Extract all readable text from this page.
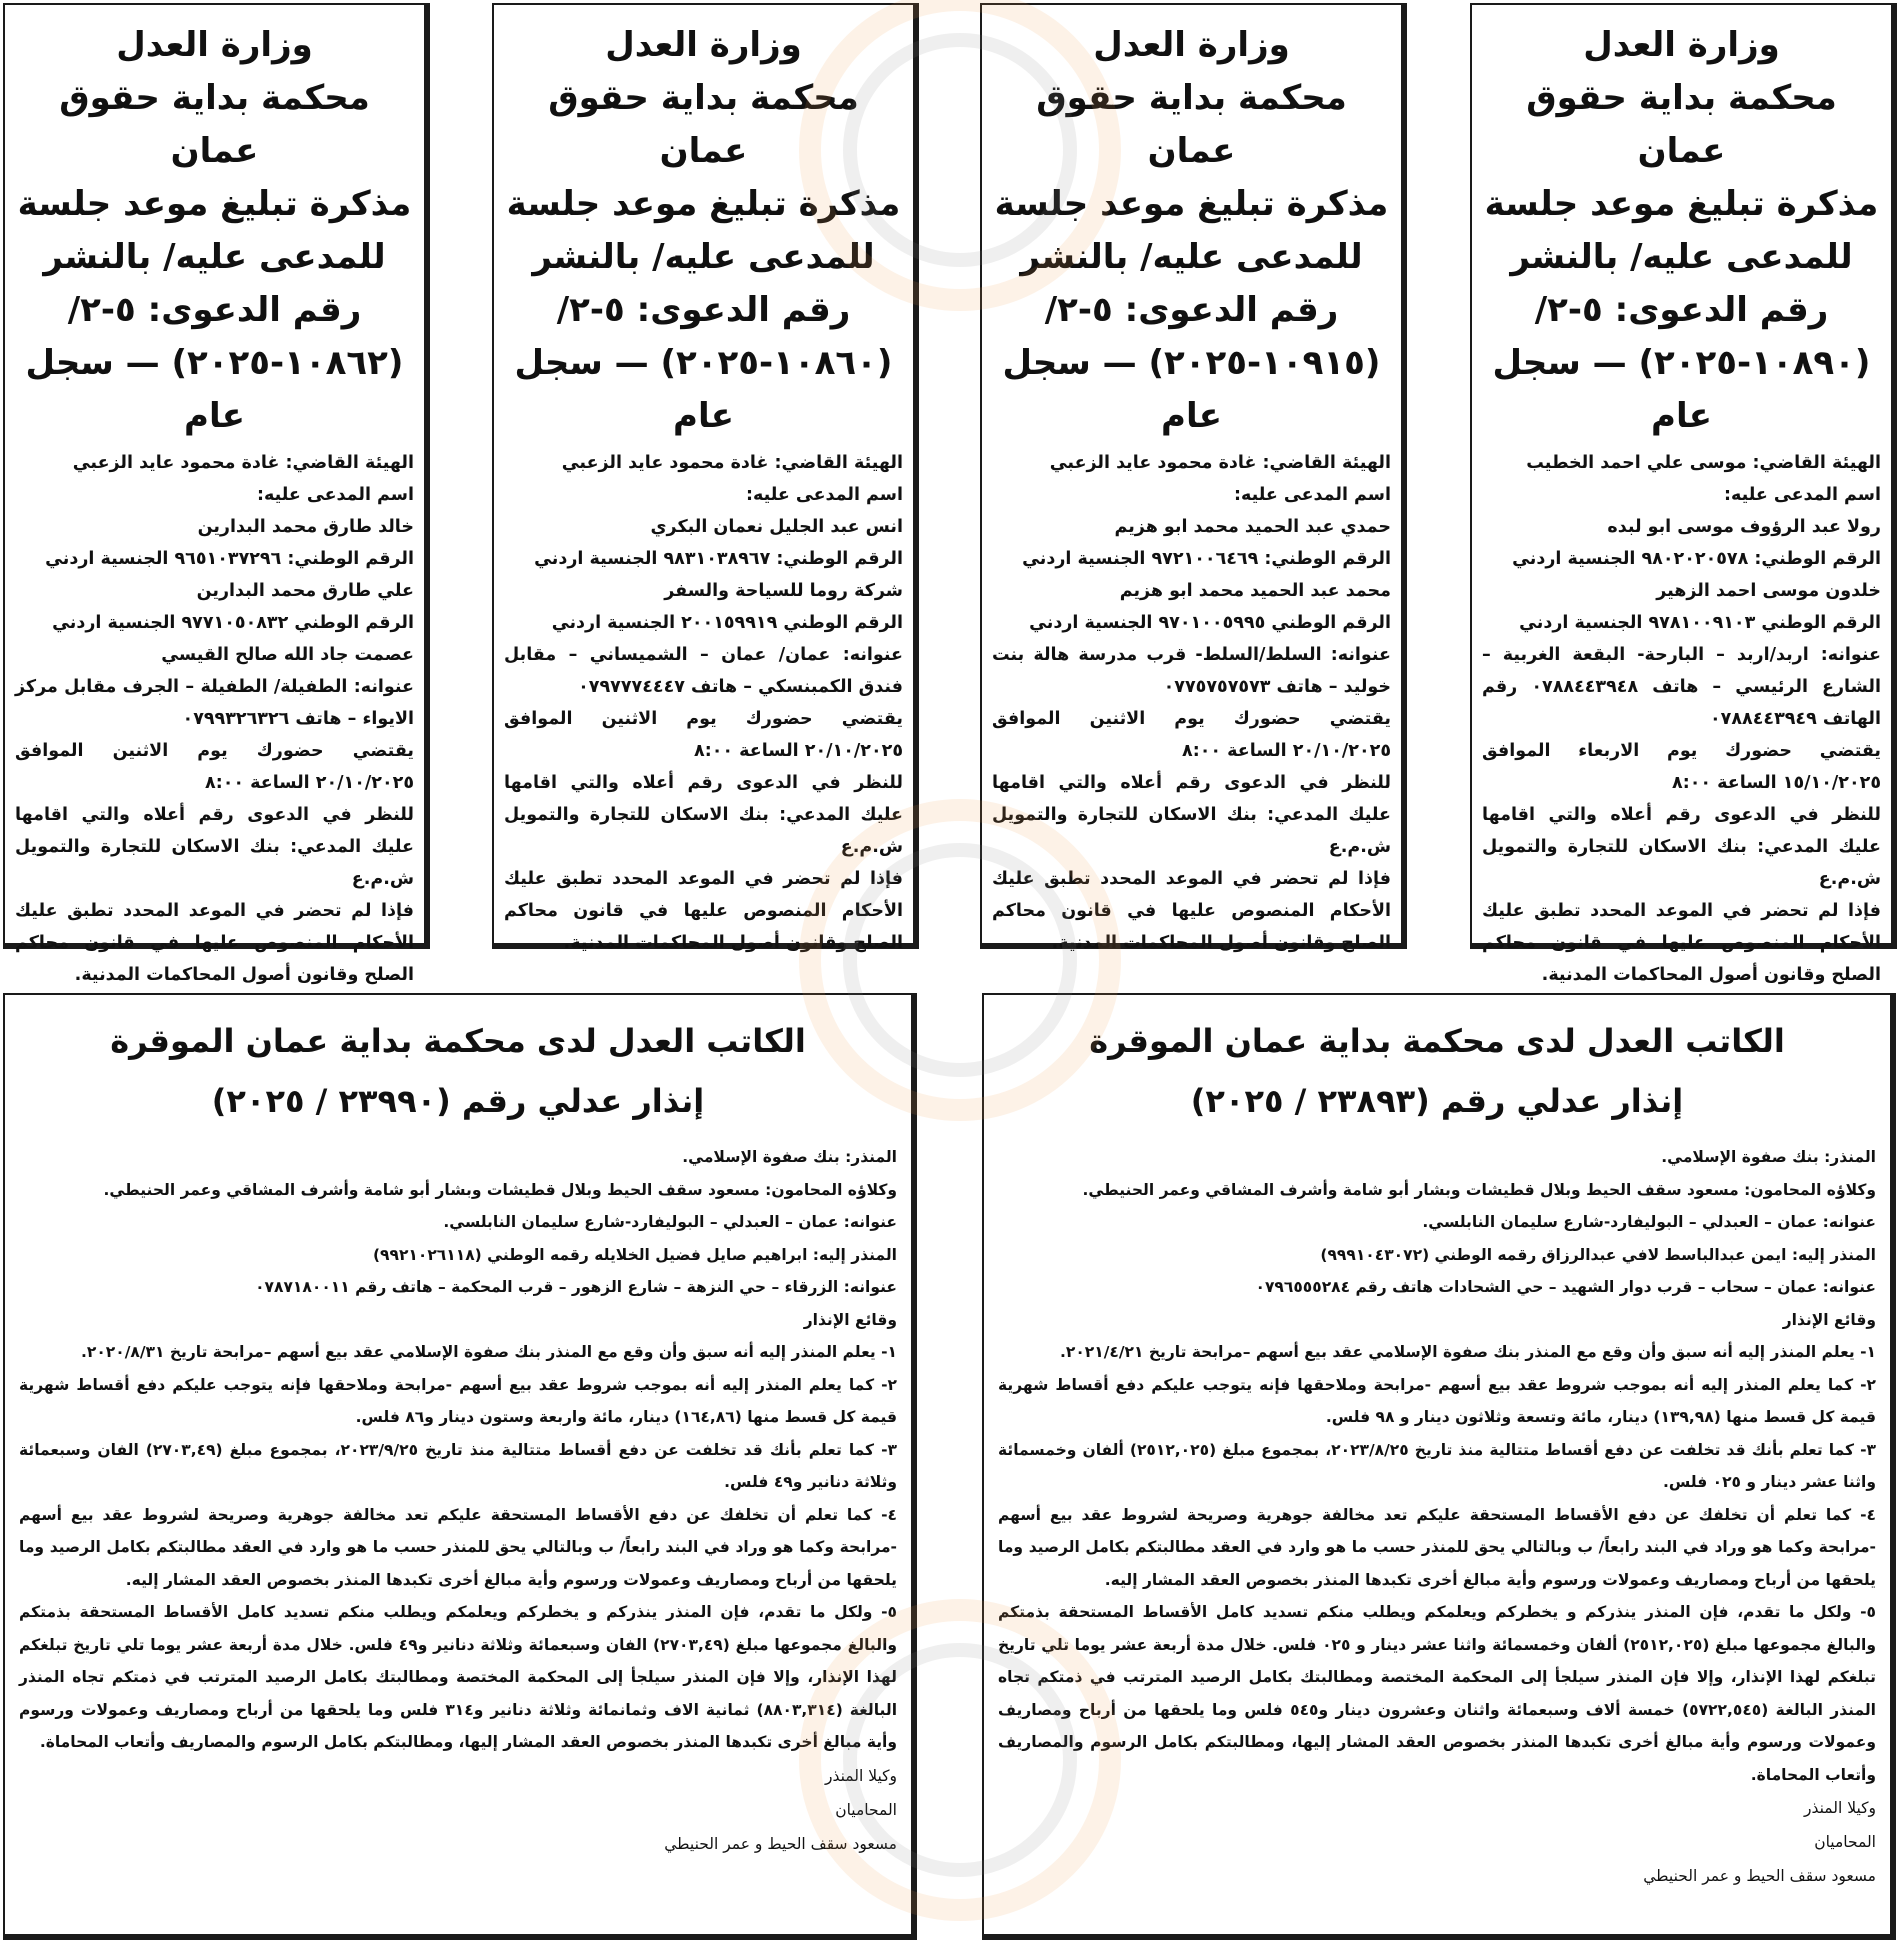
وزارة العدل
محكمة بداية حقوق عمان
مذكرة تبليغ موعد جلسة
للمدعى عليه/ بالنشر
رقم الدعوى: ٥-٢/
(١٠٨٩٠-٢٠٢٥) — سجل
عام

الهيئة القاضي: موسى علي احمد الخطيب

اسم المدعى عليه:

رولا عبد الرؤوف موسى ابو لبده

الرقم الوطني: ٩٨٠٢٠٢٠٥٧٨ الجنسية اردني

خلدون موسى احمد الزهير

الرقم الوطني ٩٧٨١٠٠٩١٠٣ الجنسية اردني

عنوانه: اربد/اربد – البارحة- البقعة الغربية – الشارع الرئيسي – هاتف ٠٧٨٨٤٤٣٩٤٨ رقم الهاتف ٠٧٨٨٤٤٣٩٤٩

يقتضي حضورك يوم الاربعاء الموافق ١٥/١٠/٢٠٢٥ الساعة ٨:٠٠

للنظر في الدعوى رقم أعلاه والتي اقامها عليك المدعي: بنك الاسكان للتجارة والتمويل ش.م.ع

فإذا لم تحضر في الموعد المحدد تطبق عليك الأحكام المنصوص عليها في قانون محاكم الصلح وقانون أصول المحاكمات المدنية.

وزارة العدل
محكمة بداية حقوق عمان
مذكرة تبليغ موعد جلسة
للمدعى عليه/ بالنشر
رقم الدعوى: ٥-٢/
(١٠٩١٥-٢٠٢٥) — سجل
عام

الهيئة القاضي: غادة محمود عايد الزعبي

اسم المدعى عليه:

حمدي عبد الحميد محمد ابو هزيم

الرقم الوطني: ٩٧٢١٠٠٦٤٦٩ الجنسية اردني

محمد عبد الحميد محمد ابو هزيم

الرقم الوطني ٩٧٠١٠٠٥٩٩٥ الجنسية اردني

عنوانه: السلط/السلط- قرب مدرسة هالة بنت خوليد – هاتف ٠٧٧٥٧٥٧٥٧٣

يقتضي حضورك يوم الاثنين الموافق ٢٠/١٠/٢٠٢٥ الساعة ٨:٠٠

للنظر في الدعوى رقم أعلاه والتي اقامها عليك المدعي: بنك الاسكان للتجارة والتمويل ش.م.ع

فإذا لم تحضر في الموعد المحدد تطبق عليك الأحكام المنصوص عليها في قانون محاكم الصلح وقانون أصول المحاكمات المدنية.

وزارة العدل
محكمة بداية حقوق عمان
مذكرة تبليغ موعد جلسة
للمدعى عليه/ بالنشر
رقم الدعوى: ٥-٢/
(١٠٨٦٠-٢٠٢٥) — سجل
عام

الهيئة القاضي: غادة محمود عايد الزعبي

اسم المدعى عليه:

انس عبد الجليل نعمان البكري

الرقم الوطني: ٩٨٣١٠٣٨٩٦٧ الجنسية اردني

شركة روما للسياحة والسفر

الرقم الوطني ٢٠٠١٥٩٩١٩ الجنسية اردني

عنوانه: عمان/ عمان – الشميساني – مقابل فندق الكمبنسكي – هاتف ٠٧٩٧٧٧٤٤٤٧

يقتضي حضورك يوم الاثنين الموافق ٢٠/١٠/٢٠٢٥ الساعة ٨:٠٠

للنظر في الدعوى رقم أعلاه والتي اقامها عليك المدعي: بنك الاسكان للتجارة والتمويل ش.م.ع

فإذا لم تحضر في الموعد المحدد تطبق عليك الأحكام المنصوص عليها في قانون محاكم الصلح وقانون أصول المحاكمات المدنية.

وزارة العدل
محكمة بداية حقوق عمان
مذكرة تبليغ موعد جلسة
للمدعى عليه/ بالنشر
رقم الدعوى: ٥-٢/
(١٠٨٦٢-٢٠٢٥) — سجل
عام

الهيئة القاضي: غادة محمود عايد الزعبي

اسم المدعى عليه:

خالد طارق محمد البدارين

الرقم الوطني: ٩٦٥١٠٣٧٢٩٦ الجنسية اردني

علي طارق محمد البدارين

الرقم الوطني ٩٧٧١٠٥٠٨٣٢ الجنسية اردني

عصمت جاد الله صالح القيسي

عنوانه: الطفيلة/ الطفيلة – الجرف مقابل مركز الايواء – هاتف ٠٧٩٩٣٢٦٣٢٦

يقتضي حضورك يوم الاثنين الموافق ٢٠/١٠/٢٠٢٥ الساعة ٨:٠٠

للنظر في الدعوى رقم أعلاه والتي اقامها عليك المدعي: بنك الاسكان للتجارة والتمويل ش.م.ع

فإذا لم تحضر في الموعد المحدد تطبق عليك الأحكام المنصوص عليها في قانون محاكم الصلح وقانون أصول المحاكمات المدنية.

الكاتب العدل لدى محكمة بداية عمان الموقرة
إنذار عدلي رقم (٢٣٨٩٣ / ٢٠٢٥)

المنذر: بنك صفوة الإسلامي.

وكلاؤه المحامون: مسعود سقف الحيط وبلال قطيشات وبشار أبو شامة وأشرف المشاقي وعمر الحنيطي.

عنوانه: عمان – العبدلي – البوليفارد-شارع سليمان النابلسي.

المنذر إليه: ايمن عبدالباسط لافي عبدالرزاق رقمه الوطني (٩٩٩١٠٤٣٠٧٢)

عنوانه: عمان – سحاب – قرب دوار الشهيد – حي الشحادات هاتف رقم ٠٧٩٦٥٥٥٢٨٤

وقائع الإنذار

١- يعلم المنذر إليه أنه سبق وأن وقع مع المنذر بنك صفوة الإسلامي عقد بيع أسهم –مرابحة تاريخ ٢٠٢١/٤/٢١.

٢- كما يعلم المنذر إليه أنه بموجب شروط عقد بيع أسهم -مرابحة وملاحقها فإنه يتوجب عليكم دفع أقساط شهرية قيمة كل قسط منها (١٣٩,٩٨) دينار، مائة وتسعة وثلاثون دينار و ٩٨ فلس.

٣- كما تعلم بأنك قد تخلفت عن دفع أقساط متتالية منذ تاريخ ٢٠٢٣/٨/٢٥، بمجموع مبلغ (٢٥١٢,٠٢٥) ألفان وخمسمائة واثنا عشر دينار و ٠٢٥ فلس.

٤- كما تعلم أن تخلفك عن دفع الأقساط المستحقة عليكم تعد مخالفة جوهرية وصريحة لشروط عقد بيع أسهم -مرابحة وكما هو وراد في البند رابعاً/ ب وبالتالي يحق للمنذر حسب ما هو وارد في العقد مطالبتكم بكامل الرصيد وما يلحقها من أرباح ومصاريف وعمولات ورسوم وأية مبالغ أخرى تكبدها المنذر بخصوص العقد المشار إليه.

٥- ولكل ما تقدم، فإن المنذر ينذركم و يخطركم ويعلمكم ويطلب منكم تسديد كامل الأقساط المستحقة بذمتكم والبالغ مجموعها مبلغ (٢٥١٢,٠٢٥) ألفان وخمسمائة واثنا عشر دينار و ٠٢٥ فلس. خلال مدة أربعة عشر يوما تلي تاريخ تبلغكم لهذا الإنذار، وإلا فإن المنذر سيلجأ إلى المحكمة المختصة ومطالبتك بكامل الرصيد المترتب في ذمتكم تجاه المنذر البالغة (٥٧٢٢,٥٤٥) خمسة ألاف وسبعمائة واثنان وعشرون دينار و٥٤٥ فلس وما يلحقها من أرباح ومصاريف وعمولات ورسوم وأية مبالغ أخرى تكبدها المنذر بخصوص العقد المشار إليها، ومطالبتكم بكامل الرسوم والمصاريف وأتعاب المحاماة.

وكيلا المنذر

المحاميان

مسعود سقف الحيط و عمر الحنيطي

الكاتب العدل لدى محكمة بداية عمان الموقرة
إنذار عدلي رقم (٢٣٩٩٠ / ٢٠٢٥)

المنذر: بنك صفوة الإسلامي.

وكلاؤه المحامون: مسعود سقف الحيط وبلال قطيشات وبشار أبو شامة وأشرف المشاقي وعمر الحنيطي.

عنوانه: عمان – العبدلي – البوليفارد-شارع سليمان النابلسي.

المنذر إليه: ابراهيم صايل فضيل الخلايله رقمه الوطني (٩٩٢١٠٢٦١١٨)

عنوانه: الزرقاء – حي النزهة – شارع الزهور – قرب المحكمة – هاتف رقم ٠٧٨٧١٨٠٠١١

وقائع الإنذار

١- يعلم المنذر إليه أنه سبق وأن وقع مع المنذر بنك صفوة الإسلامي عقد بيع أسهم –مرابحة تاريخ ٢٠٢٠/٨/٣١.

٢- كما يعلم المنذر إليه أنه بموجب شروط عقد بيع أسهم -مرابحة وملاحقها فإنه يتوجب عليكم دفع أقساط شهرية قيمة كل قسط منها (١٦٤,٨٦) دينار، مائة واربعة وستون دينار و٨٦ فلس.

٣- كما تعلم بأنك قد تخلفت عن دفع أقساط متتالية منذ تاريخ ٢٠٢٣/٩/٢٥، بمجموع مبلغ (٢٧٠٣,٤٩) الفان وسبعمائة وثلاثة دنانير و٤٩ فلس.

٤- كما تعلم أن تخلفك عن دفع الأقساط المستحقة عليكم تعد مخالفة جوهرية وصريحة لشروط عقد بيع أسهم -مرابحة وكما هو وراد في البند رابعاً/ ب وبالتالي يحق للمنذر حسب ما هو وارد في العقد مطالبتكم بكامل الرصيد وما يلحقها من أرباح ومصاريف وعمولات ورسوم وأية مبالغ أخرى تكبدها المنذر بخصوص العقد المشار إليه.

٥- ولكل ما تقدم، فإن المنذر ينذركم و يخطركم ويعلمكم ويطلب منكم تسديد كامل الأقساط المستحقة بذمتكم والبالغ مجموعها مبلغ (٢٧٠٣,٤٩) الفان وسبعمائة وثلاثة دنانير و٤٩ فلس. خلال مدة أربعة عشر يوما تلي تاريخ تبلغكم لهذا الإنذار، وإلا فإن المنذر سيلجأ إلى المحكمة المختصة ومطالبتك بكامل الرصيد المترتب في ذمتكم تجاه المنذر البالغة (٨٨٠٣,٣١٤) ثمانية الاف وثمانمائة وثلاثة دنانير و٣١٤ فلس وما يلحقها من أرباح ومصاريف وعمولات ورسوم وأية مبالغ أخرى تكبدها المنذر بخصوص العقد المشار إليها، ومطالبتكم بكامل الرسوم والمصاريف وأتعاب المحاماة.

وكيلا المنذر

المحاميان

مسعود سقف الحيط و عمر الحنيطي
